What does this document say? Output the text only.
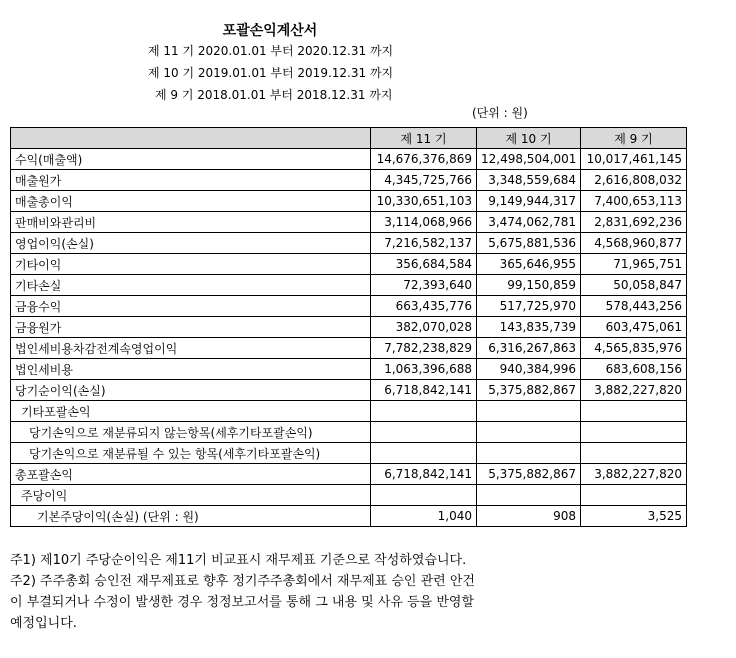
포괄손익계산서
제 11 기 2020.01.01 부터 2020.12.31 까지
제 10 기 2019.01.01 부터 2019.12.31 까지
제 9 기 2018.01.01 부터 2018.12.31 까지
(단위 : 원)
	제 11 기	제 10 기	제 9 기
수익(매출액)	14,676,376,869	12,498,504,001	10,017,461,145
매출원가	4,345,725,766	3,348,559,684	2,616,808,032
매출총이익	10,330,651,103	9,149,944,317	7,400,653,113
판매비와관리비	3,114,068,966	3,474,062,781	2,831,692,236
영업이익(손실)	7,216,582,137	5,675,881,536	4,568,960,877
기타이익	356,684,584	365,646,955	71,965,751
기타손실	72,393,640	99,150,859	50,058,847
금융수익	663,435,776	517,725,970	578,443,256
금융원가	382,070,028	143,835,739	603,475,061
법인세비용차감전계속영업이익	7,782,238,829	6,316,267,863	4,565,835,976
법인세비용	1,063,396,688	940,384,996	683,608,156
당기순이익(손실)	6,718,842,141	5,375,882,867	3,882,227,820
기타포괄손익			
당기손익으로 재분류되지 않는항목(세후기타포괄손익)			
당기손익으로 재분류될 수 있는 항목(세후기타포괄손익)			
총포괄손익	6,718,842,141	5,375,882,867	3,882,227,820
주당이익			
기본주당이익(손실) (단위 : 원)	1,040	908	3,525
주1) 제10기 주당순이익은 제11기 비교표시 재무제표 기준으로 작성하였습니다.
주2) 주주총회 승인전 재무제표로 향후 정기주주총회에서 재무제표 승인 관련 안건
이 부결되거나 수정이 발생한 경우 정정보고서를 통해 그 내용 및 사유 등을 반영할
예정입니다.
